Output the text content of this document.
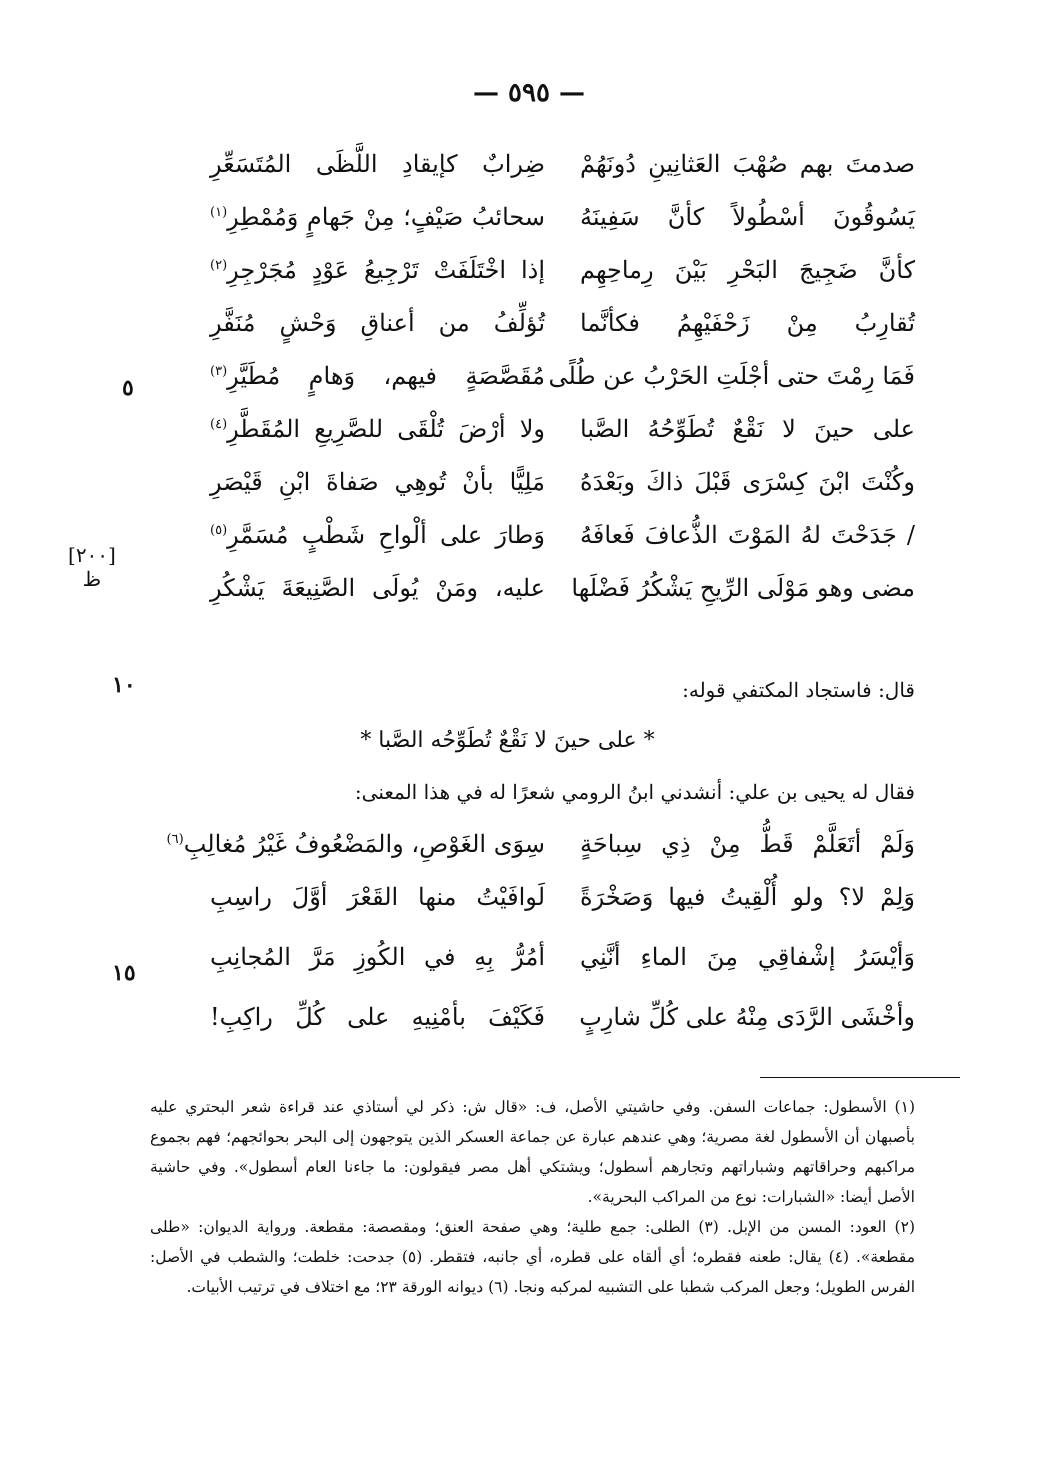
— ٥٩٥ —
صدمتَ بهم صُهْبَ العَثانِينِ دُونَهُمْ
ضِرابٌ كإيقادِ اللَّظَى المُتَسَعِّرِ
يَسُوقُونَ أسْطُولاً كأنَّ سَفِينَهُ
سحائبُ صَيْفٍ؛ مِنْ جَهامٍ وَمُمْطِرِ$^{(١)}$
كأنَّ ضَجِيجَ البَحْرِ بَيْنَ رِماحِهِم
إذا اخْتَلَفَتْ تَرْجِيعُ عَوْدٍ مُجَرْجِرِ$^{(٢)}$
تُقارِبُ مِنْ زَحْفَيْهِمُ فكأنَّما
تُؤلِّفُ من أعناقِ وَحْشٍ مُنَفَّرِ
فَمَا رِمْتَ حتى أجْلَتِ الحَرْبُ عن طُلًى
مُقَصَّصَةٍ فيهم، وَهامٍ مُطَيَّرِ$^{(٣)}$
على حينَ لا نَقْعٌ تُطَوِّحُهُ الصَّبا
ولا أرْضَ تُلْقَى للصَّرِيعِ المُقَطَّرِ$^{(٤)}$
وكُنْتَ ابْنَ كِسْرَى قَبْلَ ذاكَ وبَعْدَهُ
مَلِيًّا بأنْ تُوهِي صَفاةَ ابْنِ قَيْصَرِ
/ جَدَحْتَ لهُ المَوْتَ الذُّعافَ فَعافَهُ
وَطارَ على ألْواحِ شَطْبٍ مُسَمَّرِ$^{(٥)}$
مضى وهو مَوْلَى الرِّيحِ يَشْكُرُ فَضْلَها
عليه، ومَنْ يُولَى الصَّنِيعَةَ يَشْكُرِ
٥
١٠
١٥
[٢٠٠]
ظ
قال: فاستجاد المكتفي قوله:
* على حينَ لا نَقْعٌ تُطَوِّحُه الصَّبا *
فقال له يحيى بن علي: أنشدني ابنُ الرومي شعرًا له في هذا المعنى:
وَلَمْ أتَعَلَّمْ قَطُّ مِنْ ذِي سِباحَةٍ
سِوَى الغَوْصِ، والمَضْعُوفُ غَيْرُ مُغالِبِ$^{(٦)}$
وَلِمْ لا؟ ولو أُلْقِيتُ فيها وَصَخْرَةً
لَوافَيْتُ منها القَعْرَ أوَّلَ راسِبِ
وَأيْسَرُ إشْفاقِي مِنَ الماءِ أنَّنِي
أمُرُّ بِهِ في الكُوزِ مَرَّ المُجانِبِ
وأخْشَى الرَّدَى مِنْهُ على كُلِّ شارِبٍ
فَكَيْفَ بأمْنِيهِ على كُلِّ راكِبِ!

(١) الأسطول: جماعات السفن. وفي حاشيتي الأصل، ف: «قال ش: ذكر لي أستاذي عند قراءة شعر البحتري عليه بأصبهان أن الأسطول لغة مصرية؛ وهي عندهم عبارة عن جماعة العسكر الذين يتوجهون إلى البحر بحوائجهم؛ فهم بجموع مراكبهم وحراقاتهم وشباراتهم وتجارهم أسطول؛ ويشتكي أهل مصر فيقولون: ما جاءنا العام أسطول». وفي حاشية الأصل أيضا: «الشبارات: نوع من المراكب البحرية».

(٢) العود: المسن من الإبل. (٣) الطلى: جمع طلية؛ وهي صفحة العنق؛ ومقصصة: مقطعة. ورواية الديوان: «طلى مقطعة». (٤) يقال: طعنه فقطره؛ أي ألقاه على قطره، أي جانبه، فتقطر. (٥) جدحت: خلطت؛ والشطب في الأصل: الفرس الطويل؛ وجعل المركب شطبا على التشبيه لمركبه ونجا. (٦) ديوانه الورقة ٢٣؛ مع اختلاف في ترتيب الأبيات.
